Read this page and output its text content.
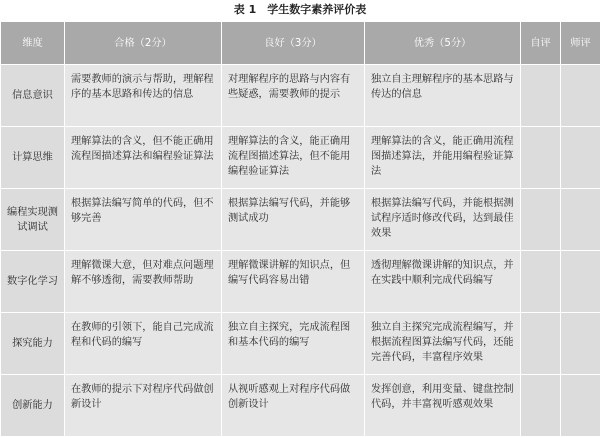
表 1　学生数字素养评价表
维度	合格（2分）	良好（3分）	优秀（5分）	自评	师评
信息意识	需要教师的演示与帮助，理解程序的基本思路和传达的信息	对理解程序的思路与内容有些疑惑，需要教师的提示	独立自主理解程序的基本思路与传达的信息		
计算思维	理解算法的含义，但不能正确用流程图描述算法和编程验证算法	理解算法的含义，能正确用流程图描述算法，但不能用编程验证算法	理解算法的含义，能正确用流程图描述算法，并能用编程验证算法		
编程实现测试调试	根据算法编写简单的代码，但不够完善	根据算法编写代码，并能够测试成功	根据算法编写代码，并能根据测试程序适时修改代码，达到最佳效果		
数字化学习	理解微课大意，但对难点问题理解不够透彻，需要教师帮助	理解微课讲解的知识点，但编写代码容易出错	透彻理解微课讲解的知识点，并在实践中顺利完成代码编写		
探究能力	在教师的引领下，能自己完成流程和代码的编写	独立自主探究，完成流程图和基本代码的编写	独立自主探究完成流程编写，并根据流程图算法编写代码，还能完善代码，丰富程序效果		
创新能力	在教师的提示下对程序代码做创新设计	从视听感观上对程序代码做创新设计	发挥创意，利用变量、键盘控制代码，并丰富视听感观效果		
